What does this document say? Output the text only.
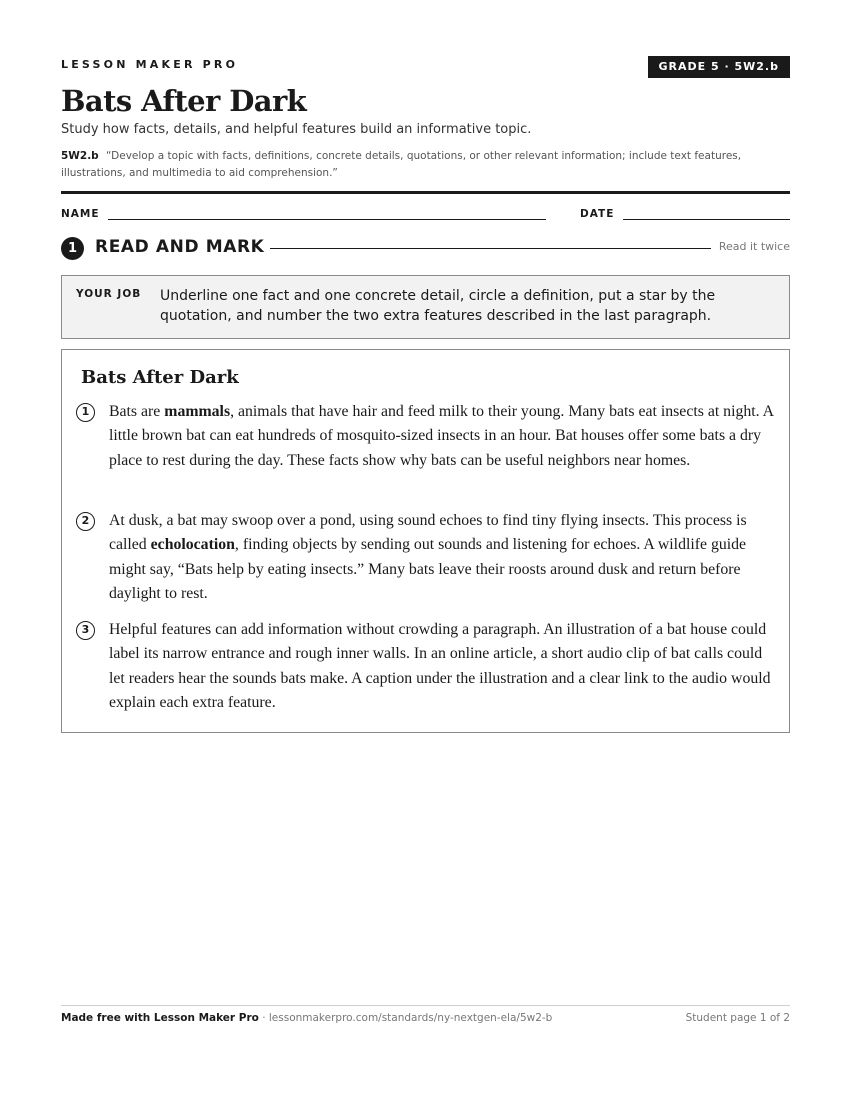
LESSON MAKER PRO	GRADE 5 · 5W2.b
Bats After Dark
Study how facts, details, and helpful features build an informative topic.
5W2.b “Develop a topic with facts, definitions, concrete details, quotations, or other relevant information; include text features, illustrations, and multimedia to aid comprehension.”
NAME	DATE
1	READ AND MARK	Read it twice
YOUR JOB Underline one fact and one concrete detail, circle a definition, put a star by the quotation, and number the two extra features described in the last paragraph.
Bats After Dark
1	Bats are mammals, animals that have hair and feed milk to their young. Many bats eat insects at night. A little brown bat can eat hundreds of mosquito-sized insects in an hour. Bat houses offer some bats a dry place to rest during the day. These facts show why bats can be useful neighbors near homes.
2	At dusk, a bat may swoop over a pond, using sound echoes to find tiny flying insects. This process is called echolocation, finding objects by sending out sounds and listening for echoes. A wildlife guide might say, “Bats help by eating insects.” Many bats leave their roosts around dusk and return before daylight to rest.
3	Helpful features can add information without crowding a paragraph. An illustration of a bat house could label its narrow entrance and rough inner walls. In an online article, a short audio clip of bat calls could let readers hear the sounds bats make. A caption under the illustration and a clear link to the audio would explain each extra feature.
Made free with Lesson Maker Pro · lessonmakerpro.com/standards/ny-nextgen-ela/5w2-b	Student page 1 of 2
